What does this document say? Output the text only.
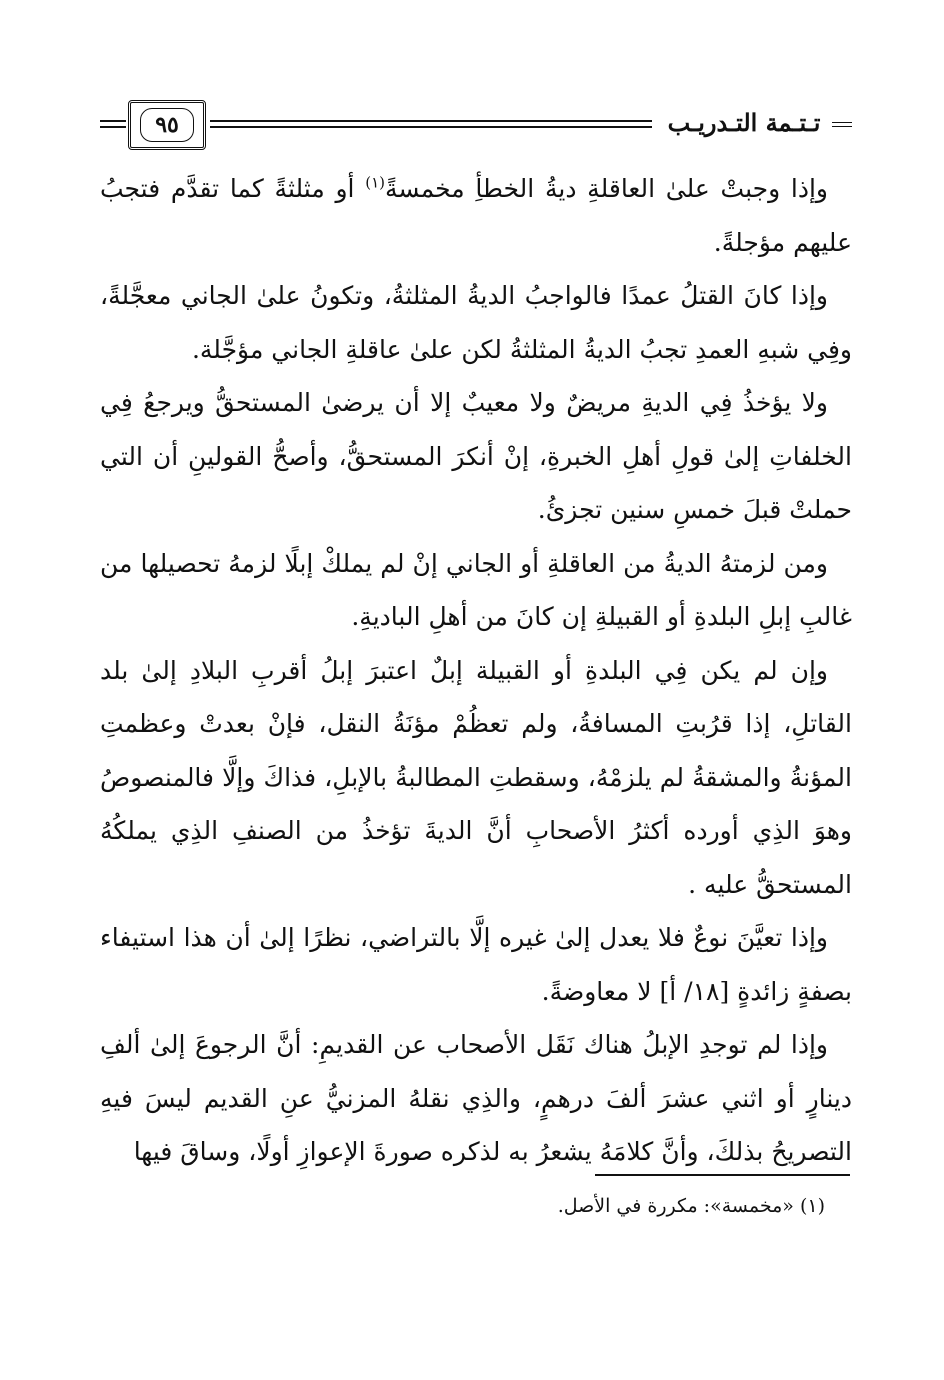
٩٥	تـتـمة التـدريـب

وإذا وجبتْ علىٰ العاقلةِ ديةُ الخطأِ مخمسةً$^{(١)}$ أو مثلثةً كما تقدَّم فتجبُ عليهم مؤجلةً.

وإذا كانَ القتلُ عمدًا فالواجبُ الديةُ المثلثةُ، وتكونُ علىٰ الجاني معجَّلةً، وفِي شبهِ العمدِ تجبُ الديةُ المثلثةُ لكن علىٰ عاقلةِ الجاني مؤجَّلة.

ولا يؤخذُ فِي الديةِ مريضٌ ولا معيبٌ إلا أن يرضىٰ المستحقُّ ويرجعُ فِي الخلفاتِ إلىٰ قولِ أهلِ الخبرةِ، إنْ أنكرَ المستحقُّ، وأصحُّ القولينِ أن التي حملتْ قبلَ خمسِ سنين تجزئُ.

ومن لزمتهُ الديةُ من العاقلةِ أو الجاني إنْ لم يملكْ إبلًا لزمهُ تحصيلها من غالبِ إبلِ البلدةِ أو القبيلةِ إن كانَ من أهلِ الباديةِ.

وإن لم يكن فِي البلدةِ أو القبيلة إبلٌ اعتبرَ إبلُ أقربِ البلادِ إلىٰ بلد القاتلِ، إذا قرُبتِ المسافةُ، ولم تعظُمْ مؤنَةُ النقل، فإنْ بعدتْ وعظمتِ المؤنةُ والمشقةُ لم يلزمْهُ، وسقطتِ المطالبةُ بالإبلِ، فذاكَ وإلَّا فالمنصوصُ وهوَ الذِي أورده أكثرُ الأصحابِ أنَّ الديةَ تؤخذُ من الصنفِ الذِي يملكُهُ المستحقُّ عليه .

وإذا تعيَّنَ نوعٌ فلا يعدل إلىٰ غيره إلَّا بالتراضي، نظرًا إلىٰ أن هذا استيفاء بصفةٍ زائدةٍ [١٨/ أ] لا معاوضةً.

وإذا لم توجدِ الإبلُ هناك نَقَل الأصحاب عن القديمِ: أنَّ الرجوعَ إلىٰ ألفِ دينارٍ أو اثني عشرَ ألفَ درهمٍ، والذِي نقلهُ المزنيُّ عنِ القديم ليسَ فيهِ التصريحُ بذلكَ، وأنَّ كلامَهُ يشعرُ به لذكره صورةَ الإعوازِ أولًا، وساقَ فيها

(١) «مخمسة»: مكررة في الأصل.
